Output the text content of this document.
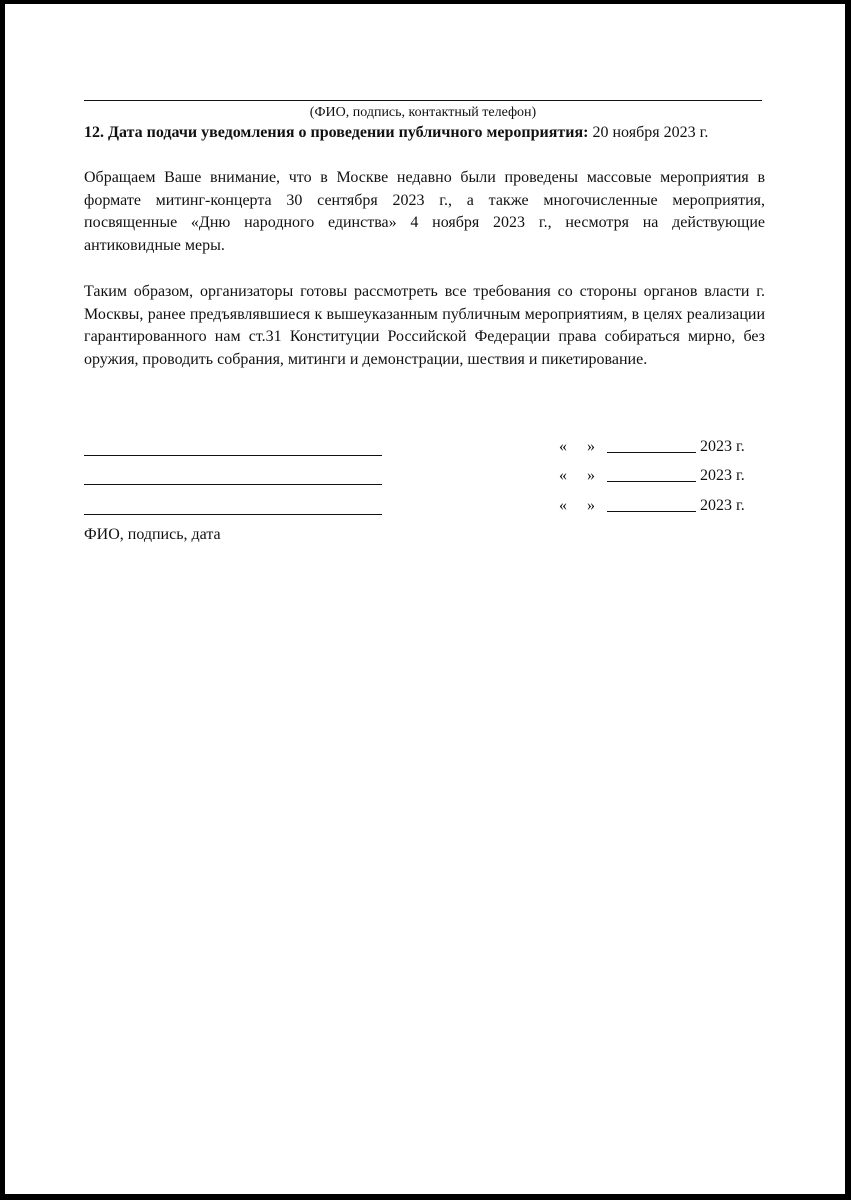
(ФИО, подпись, контактный телефон)
12. Дата подачи уведомления о проведении публичного мероприятия: 20 ноября 2023 г.
Обращаем Ваше внимание, что в Москве недавно были проведены массовые мероприятия в формате митинг-концерта 30 сентября 2023 г., а также многочисленные мероприятия, посвященные «Дню народного единства» 4 ноября 2023 г., несмотря на действующие антиковидные меры.
Таким образом, организаторы готовы рассмотреть все требования со стороны органов власти г. Москвы, ранее предъявлявшиеся к вышеуказанным публичным мероприятиям, в целях реализации гарантированного нам ст.31 Конституции Российской Федерации права собираться мирно, без оружия, проводить собрания, митинги и демонстрации, шествия и пикетирование.
« »	2023 г.
« »	2023 г.
« »	2023 г.
ФИО, подпись, дата
